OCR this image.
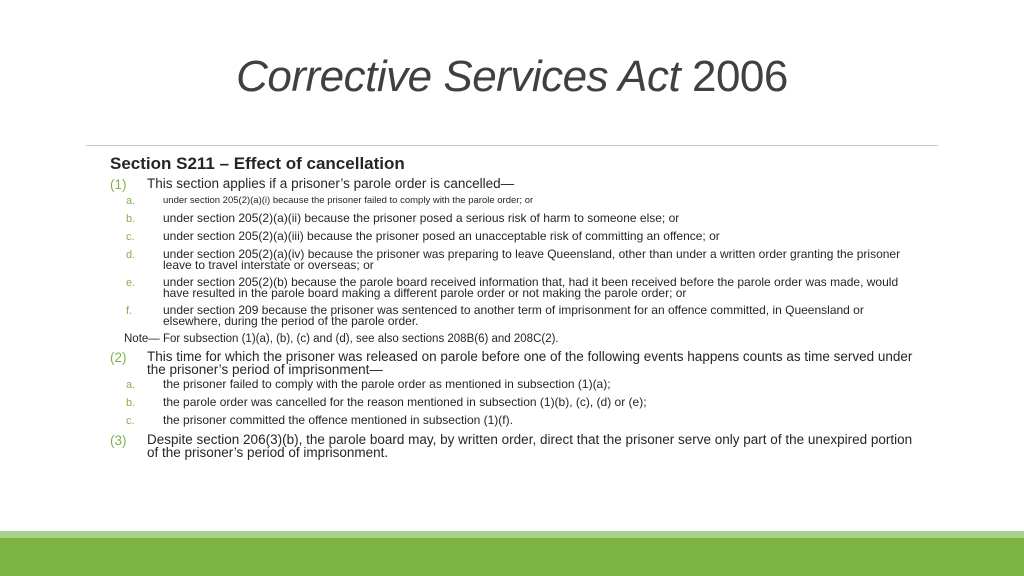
Corrective Services Act 2006
Section S211 – Effect of cancellation
(1)	This section applies if a prisoner’s parole order is cancelled—
a.	under section 205(2)(a)(i) because the prisoner failed to comply with the parole order; or
b.	under section 205(2)(a)(ii) because the prisoner posed a serious risk of harm to someone else; or
c.	under section 205(2)(a)(iii) because the prisoner posed an unacceptable risk of committing an offence; or
d.	under section 205(2)(a)(iv) because the prisoner was preparing to leave Queensland, other than under a written order granting the prisoner leave to travel interstate or overseas; or
e.	under section 205(2)(b) because the parole board received information that, had it been received before the parole order was made, would have resulted in the parole board making a different parole order or not making the parole order; or
f.	under section 209 because the prisoner was sentenced to another term of imprisonment for an offence committed, in Queensland or elsewhere, during the period of the parole order.
Note— For subsection (1)(a), (b), (c) and (d), see also sections 208B(6) and 208C(2).
(2)	This time for which the prisoner was released on parole before one of the following events happens counts as time served under the prisoner’s period of imprisonment—
a.	the prisoner failed to comply with the parole order as mentioned in subsection (1)(a);
b.	the parole order was cancelled for the reason mentioned in subsection (1)(b), (c), (d) or (e);
c.	the prisoner committed the offence mentioned in subsection (1)(f).
(3)	Despite section 206(3)(b), the parole board may, by written order, direct that the prisoner serve only part of the unexpired portion of the prisoner’s period of imprisonment.
